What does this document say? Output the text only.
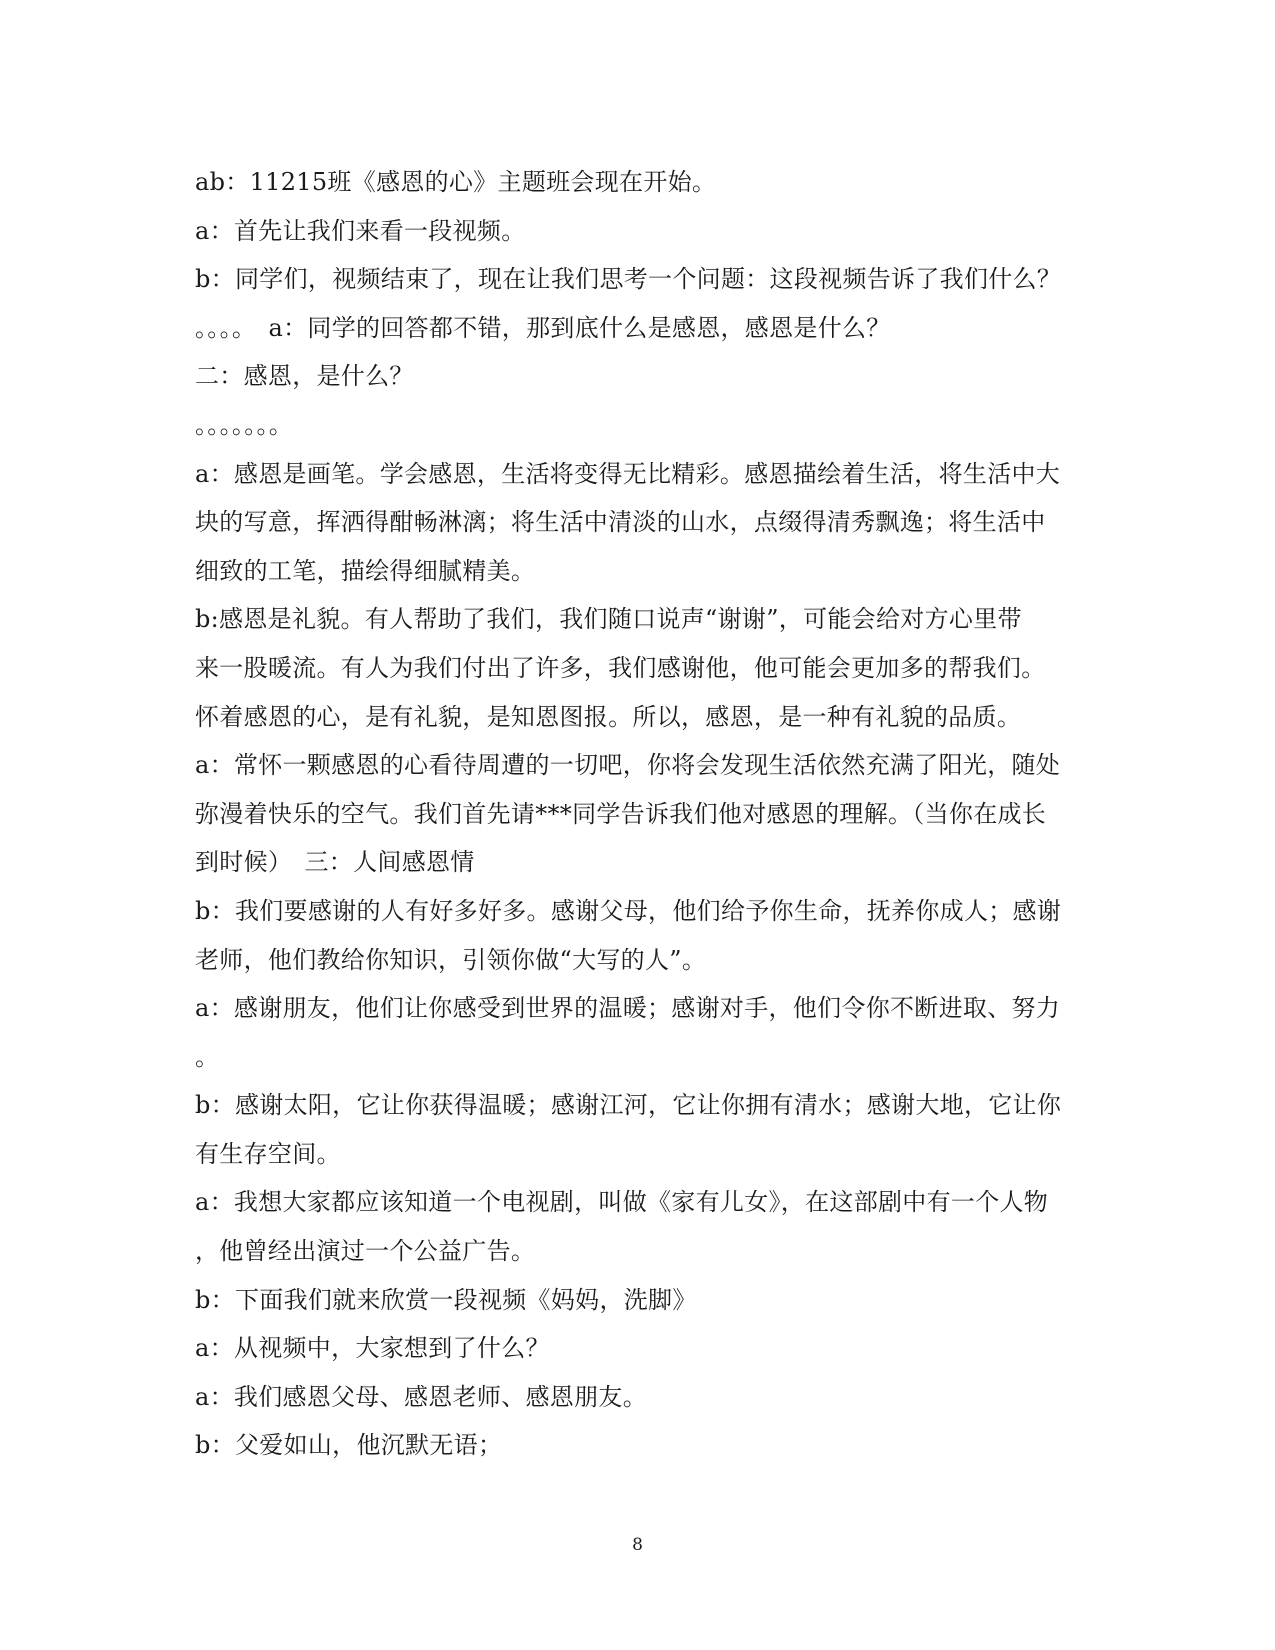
ab：11215班《感恩的心》主题班会现在开始。
a：首先让我们来看一段视频。
b：同学们，视频结束了，现在让我们思考一个问题：这段视频告诉了我们什么？
。。。。　a：同学的回答都不错，那到底什么是感恩，感恩是什么？
二：感恩，是什么？
。。。。。。。
a：感恩是画笔。学会感恩，生活将变得无比精彩。感恩描绘着生活，将生活中大
块的写意，挥洒得酣畅淋漓；将生活中清淡的山水，点缀得清秀飘逸；将生活中
细致的工笔，描绘得细腻精美。
b:感恩是礼貌。有人帮助了我们，我们随口说声“谢谢”，可能会给对方心里带
来一股暖流。有人为我们付出了许多，我们感谢他，他可能会更加多的帮我们。
怀着感恩的心，是有礼貌，是知恩图报。所以，感恩，是一种有礼貌的品质。
a：常怀一颗感恩的心看待周遭的一切吧，你将会发现生活依然充满了阳光，随处
弥漫着快乐的空气。我们首先请***同学告诉我们他对感恩的理解。（当你在成长
到时候）　三：人间感恩情
b：我们要感谢的人有好多好多。感谢父母，他们给予你生命，抚养你成人；感谢
老师，他们教给你知识，引领你做“大写的人”。
a：感谢朋友，他们让你感受到世界的温暖；感谢对手，他们令你不断进取、努力
。
b：感谢太阳，它让你获得温暖；感谢江河，它让你拥有清水；感谢大地，它让你
有生存空间。
a：我想大家都应该知道一个电视剧，叫做《家有儿女》，在这部剧中有一个人物
，他曾经出演过一个公益广告。
b：下面我们就来欣赏一段视频《妈妈，洗脚》
a：从视频中，大家想到了什么？
a：我们感恩父母、感恩老师、感恩朋友。
b：父爱如山，他沉默无语；
8
